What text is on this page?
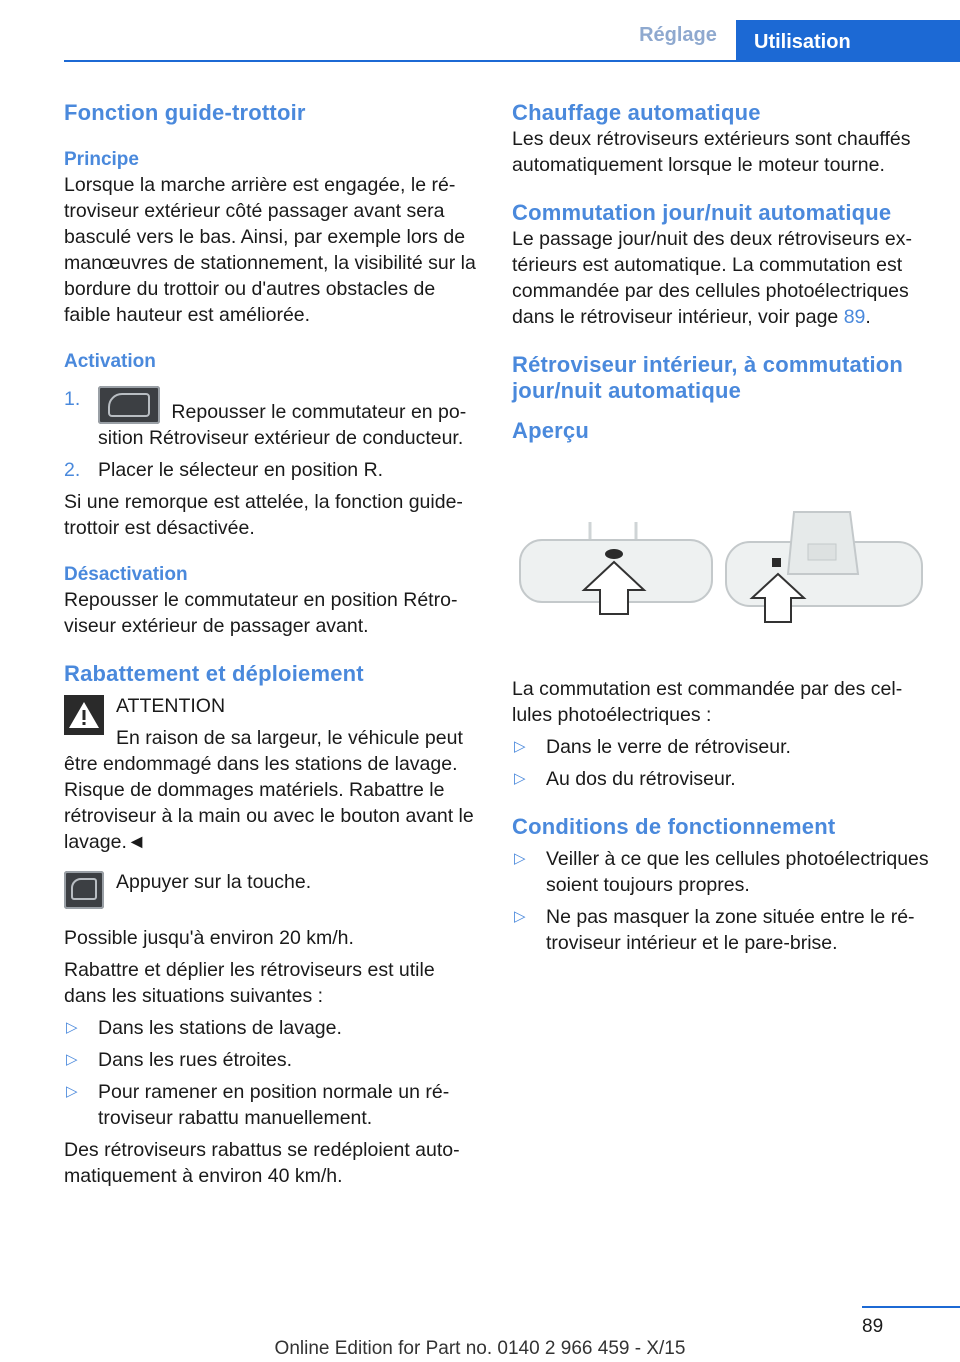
Réglage	Utilisation
Fonction guide-trottoir
Principe

Lorsque la marche arrière est engagée, le rétroviseur extérieur côté passager avant sera basculé vers le bas. Ainsi, par exemple lors de manœuvres de stationnement, la visibilité sur la bordure du trottoir ou d'autres obstacles de faible hauteur est améliorée.

Activation
1.
Repousser le commutateur en position Rétroviseur extérieur de conducteur.
2. Placer le sélecteur en position R.

Si une remorque est attelée, la fonction guide-trottoir est désactivée.

Désactivation

Repousser le commutateur en position Rétroviseur extérieur de passager avant.

Rabattement et déploiement

ATTENTION

En raison de sa largeur, le véhicule peut être endommagé dans les stations de lavage. Risque de dommages matériels. Rabattre le rétroviseur à la main ou avec le bouton avant le lavage.◄

Appuyer sur la touche.

Possible jusqu'à environ 20 km/h.

Rabattre et déplier les rétroviseurs est utile dans les situations suivantes :

▷ Dans les stations de lavage.
▷ Dans les rues étroites.
▷ Pour ramener en position normale un rétroviseur rabattu manuellement.

Des rétroviseurs rabattus se redéploient automatiquement à environ 40 km/h.

Chauffage automatique

Les deux rétroviseurs extérieurs sont chauffés automatiquement lorsque le moteur tourne.

Commutation jour/nuit automatique

Le passage jour/nuit des deux rétroviseurs extérieurs est automatique. La commutation est commandée par des cellules photoélectriques dans le rétroviseur intérieur, voir page 89.

Rétroviseur intérieur, à commutation jour/nuit automatique
Aperçu

La commutation est commandée par des cellules photoélectriques :

▷ Dans le verre de rétroviseur.
▷ Au dos du rétroviseur.
Conditions de fonctionnement
▷ Veiller à ce que les cellules photoélectriques soient toujours propres.
▷ Ne pas masquer la zone située entre le rétroviseur intérieur et le pare-brise.
89
Online Edition for Part no. 0140 2 966 459 - X/15
